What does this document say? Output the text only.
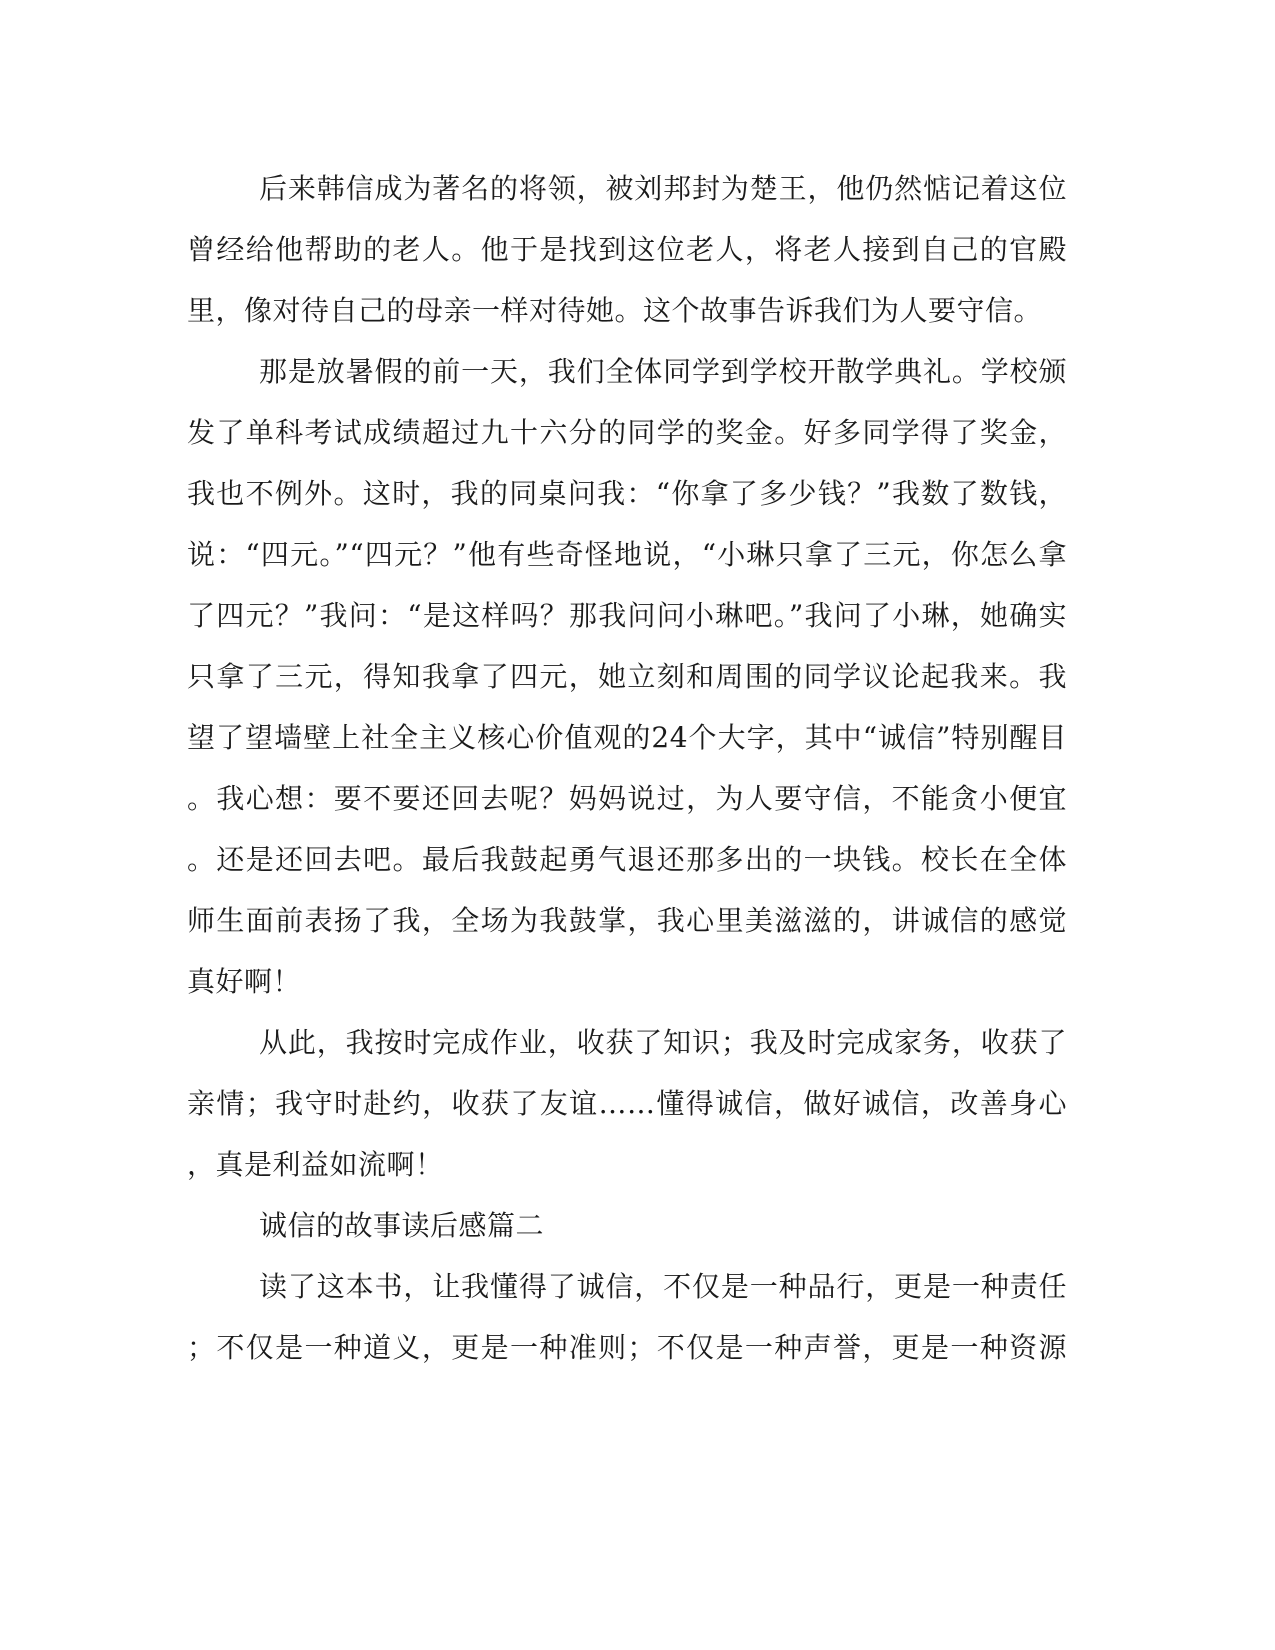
后来韩信成为著名的将领，被刘邦封为楚王，他仍然惦记着这位
曾经给他帮助的老人。他于是找到这位老人，将老人接到自己的官殿
里，像对待自己的母亲一样对待她。这个故事告诉我们为人要守信。
那是放暑假的前一天，我们全体同学到学校开散学典礼。学校颁
发了单科考试成绩超过九十六分的同学的奖金。好多同学得了奖金，
我也不例外。这时，我的同桌问我：“你拿了多少钱？”我数了数钱，
说：“四元。”“四元？”他有些奇怪地说，“小琳只拿了三元，你怎么拿
了四元？”我问：“是这样吗？那我问问小琳吧。”我问了小琳，她确实
只拿了三元，得知我拿了四元，她立刻和周围的同学议论起我来。我
望了望墙壁上社全主义核心价值观的24个大字，其中“诚信”特别醒目
。我心想：要不要还回去呢？妈妈说过，为人要守信，不能贪小便宜
。还是还回去吧。最后我鼓起勇气退还那多出的一块钱。校长在全体
师生面前表扬了我，全场为我鼓掌，我心里美滋滋的，讲诚信的感觉
真好啊！
从此，我按时完成作业，收获了知识；我及时完成家务，收获了
亲情；我守时赴约，收获了友谊……懂得诚信，做好诚信，改善身心
，真是利益如流啊！
诚信的故事读后感篇二
读了这本书，让我懂得了诚信，不仅是一种品行，更是一种责任
；不仅是一种道义，更是一种准则；不仅是一种声誉，更是一种资源
